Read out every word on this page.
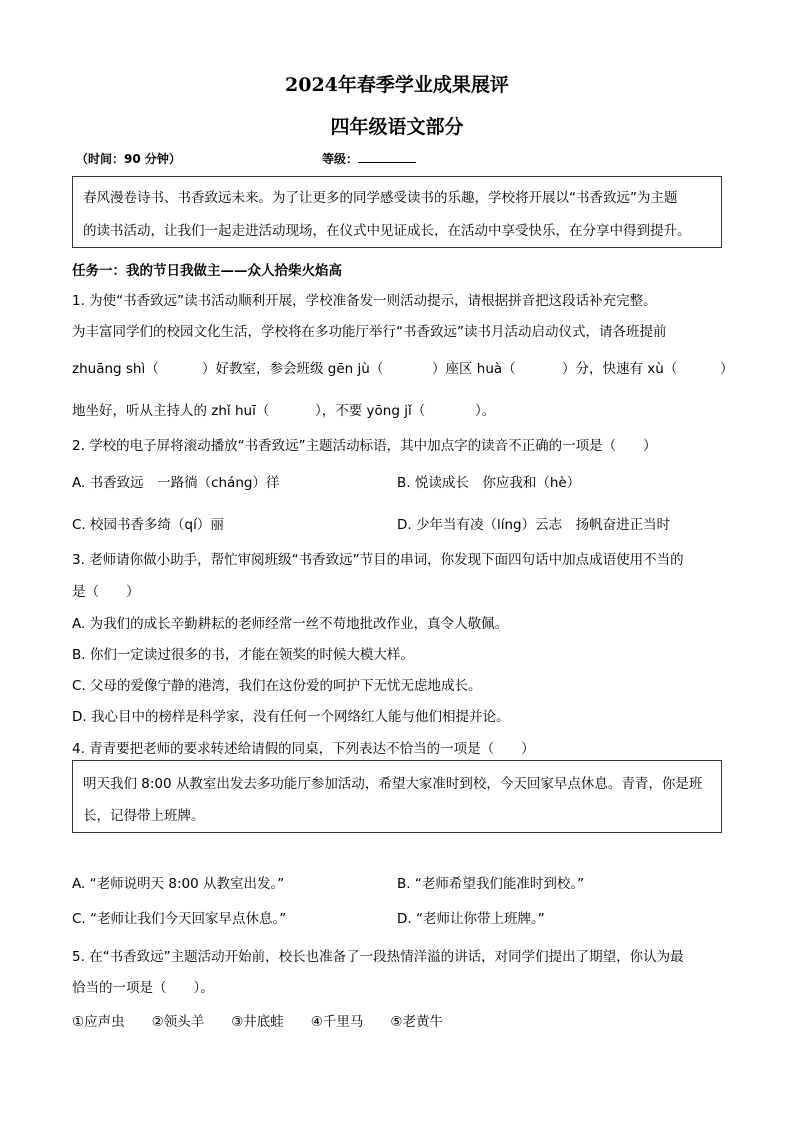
2024年春季学业成果展评
四年级语文部分
（时间：90 分钟）	等级：
春风漫卷诗书、书香致远未来。为了让更多的同学感受读书的乐趣，学校将开展以“书香致远”为主题
的读书活动，让我们一起走进活动现场，在仪式中见证成长，在活动中享受快乐，在分享中得到提升。
任务一：我的节日我做主——众人拾柴火焰高
1. 为使“书香致远”读书活动顺利开展，学校准备发一则活动提示，请根据拼音把这段话补充完整。
为丰富同学们的校园文化生活，学校将在多功能厅举行“书香致远”读书月活动启动仪式，请各班提前
zhuāng shì（	）好教室，参会班级 gēn jù（	）座区 huà（	）分，快速有 xù（	）
地坐好，听从主持人的 zhǐ huī（	），不要 yōng jǐ（	）。
2. 学校的电子屏将滚动播放“书香致远”主题活动标语，其中加点字的读音不正确的一项是（　　）
A. 书香致远　一路徜（cháng）徉	B. 悦读成长　你应我和（hè）
C. 校园书香多绮（qí）丽	D. 少年当有凌（líng）云志　扬帆奋进正当时
3. 老师请你做小助手，帮忙审阅班级“书香致远”节目的串词，你发现下面四句话中加点成语使用不当的
是（　　）
A. 为我们的成长辛勤耕耘的老师经常一丝不苟地批改作业，真令人敬佩。
B. 你们一定读过很多的书，才能在领奖的时候大模大样。
C. 父母的爱像宁静的港湾，我们在这份爱的呵护下无忧无虑地成长。
D. 我心目中的榜样是科学家，没有任何一个网络红人能与他们相提并论。
4. 青青要把老师的要求转述给请假的同桌，下列表达不恰当的一项是（　　）
明天我们 8:00 从教室出发去多功能厅参加活动，希望大家准时到校，今天回家早点休息。青青，你是班
长，记得带上班牌。
A. “老师说明天 8:00 从教室出发。”	B. “老师希望我们能准时到校。”
C. “老师让我们今天回家早点休息。”	D. “老师让你带上班牌。”
5. 在“书香致远”主题活动开始前，校长也准备了一段热情洋溢的讲话，对同学们提出了期望，你认为最
恰当的一项是（　　）。
①应声虫　　②领头羊　　③井底蛙　　④千里马　　⑤老黄牛
